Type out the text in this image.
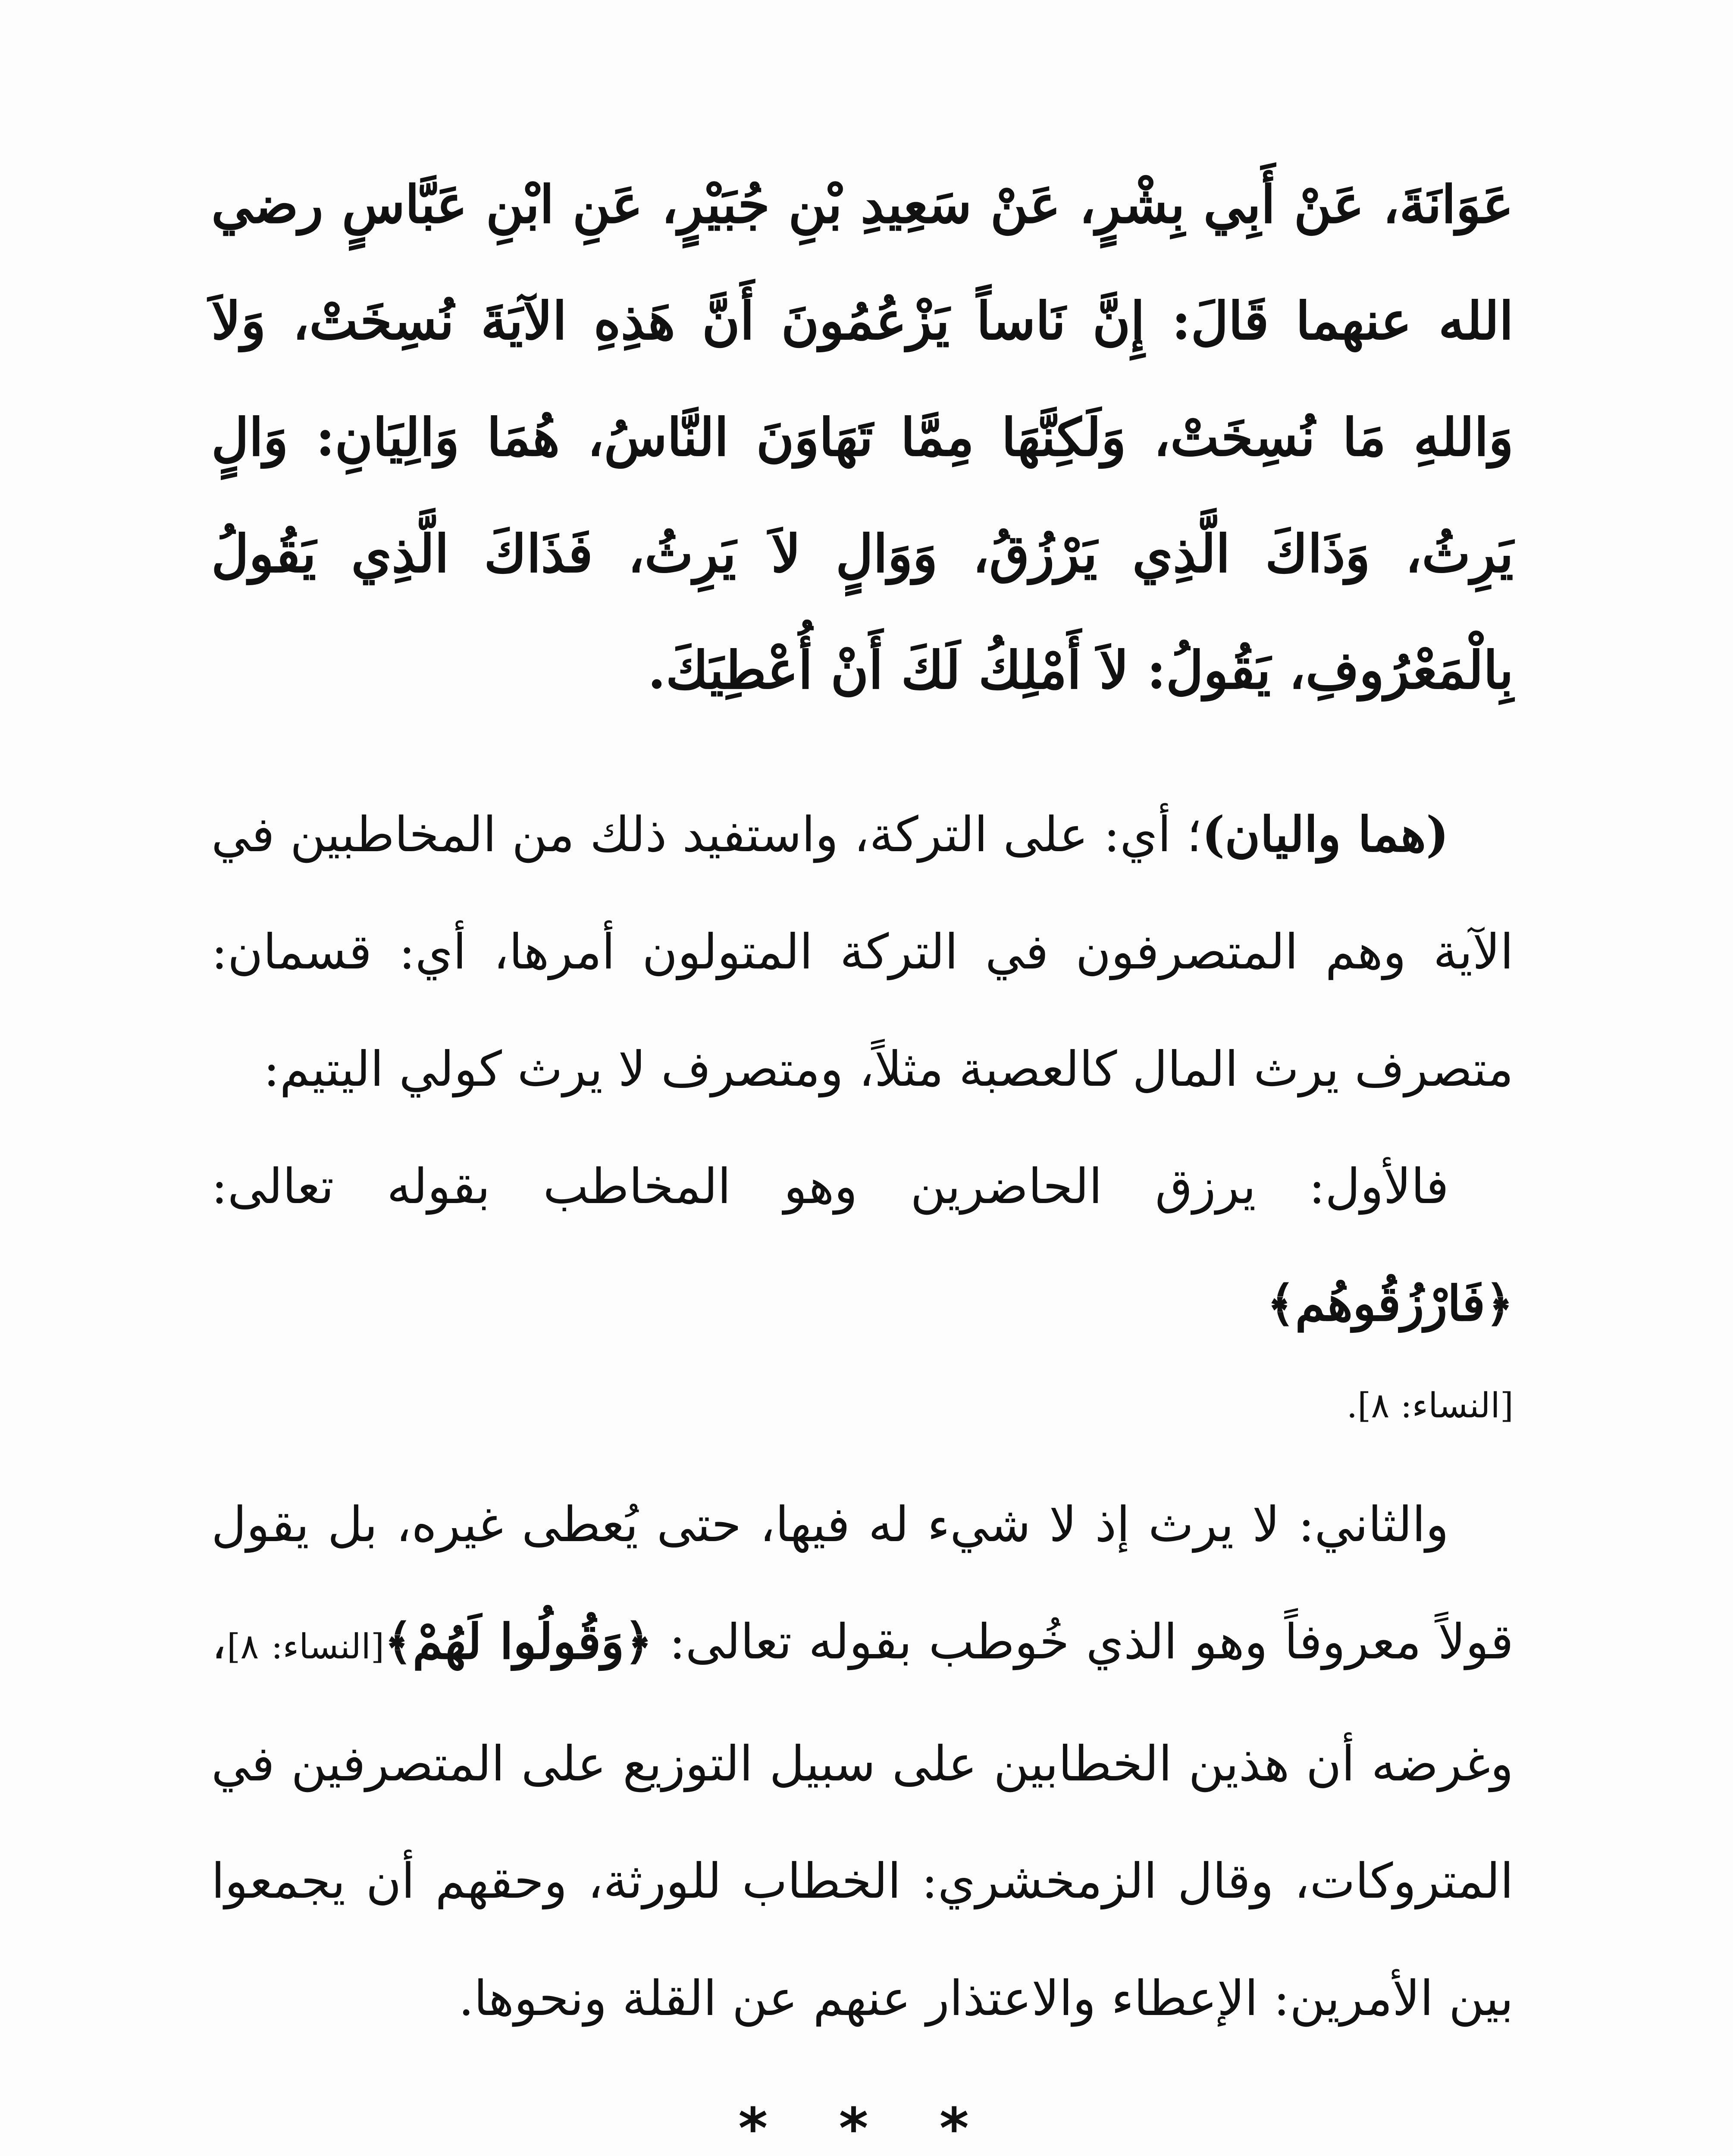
عَوَانَةَ، عَنْ أَبِي بِشْرٍ، عَنْ سَعِيدِ بْنِ جُبَيْرٍ، عَنِ ابْنِ عَبَّاسٍ رضي الله عنهما قَالَ: إِنَّ نَاساً يَزْعُمُونَ أَنَّ هَذِهِ الآيَةَ نُسِخَتْ، وَلاَ وَاللهِ مَا نُسِخَتْ، وَلَكِنَّهَا مِمَّا تَهَاوَنَ النَّاسُ، هُمَا وَالِيَانِ: وَالٍ يَرِثُ، وَذَاكَ الَّذِي يَرْزُقُ، وَوَالٍ لاَ يَرِثُ، فَذَاكَ الَّذِي يَقُولُ بِالْمَعْرُوفِ، يَقُولُ: لاَ أَمْلِكُ لَكَ أَنْ أُعْطِيَكَ.

(هما واليان)؛ أي: على التركة، واستفيد ذلك من المخاطبين في الآية وهم المتصرفون في التركة المتولون أمرها، أي: قسمان: متصرف يرث المال كالعصبة مثلاً، ومتصرف لا يرث كولي اليتيم:

فالأول: يرزق الحاضرين وهو المخاطب بقوله تعالى: ﴿فَارْزُقُوهُم﴾

[النساء: ٨].

والثاني: لا يرث إذ لا شيء له فيها، حتى يُعطى غيره، بل يقول قولاً معروفاً وهو الذي خُوطب بقوله تعالى: ﴿وَقُولُوا لَهُمْ﴾[النساء: ٨]، وغرضه أن هذين الخطابين على سبيل التوزيع على المتصرفين في المتروكات، وقال الزمخشري: الخطاب للورثة، وحقهم أن يجمعوا بين الأمرين: الإعطاء والاعتذار عنهم عن القلة ونحوها.

* * *
